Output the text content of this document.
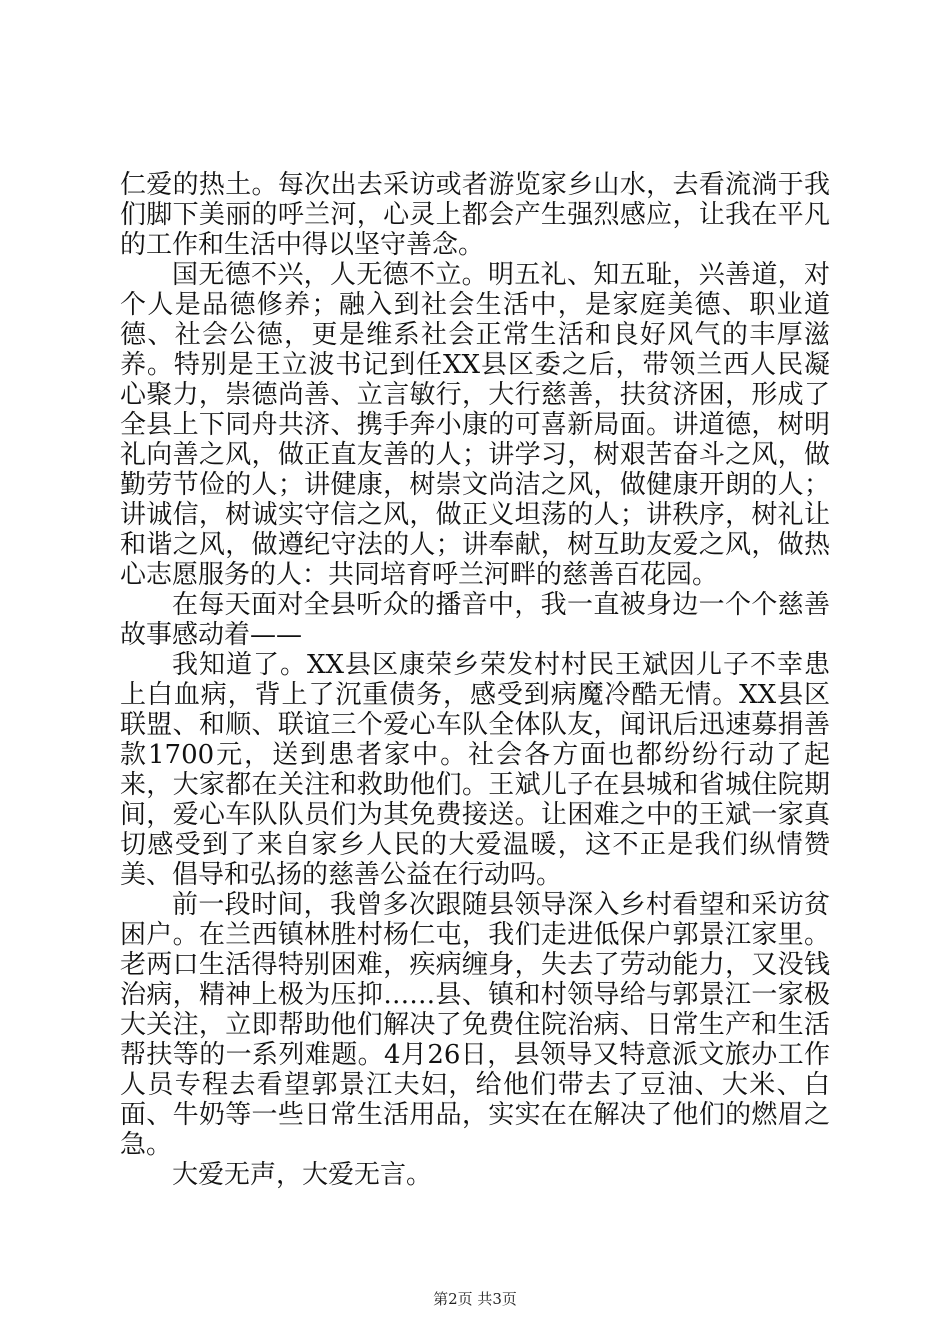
仁爱的热土。每次出去采访或者游览家乡山水，去看流淌于我们脚下美丽的呼兰河，心灵上都会产生强烈感应，让我在平凡的工作和生活中得以坚守善念。

国无德不兴，人无德不立。明五礼、知五耻，兴善道，对个人是品德修养；融入到社会生活中，是家庭美德、职业道德、社会公德，更是维系社会正常生活和良好风气的丰厚滋养。特别是王立波书记到任XX县区委之后，带领兰西人民凝心聚力，崇德尚善、立言敏行，大行慈善，扶贫济困，形成了全县上下同舟共济、携手奔小康的可喜新局面。讲道德，树明礼向善之风，做正直友善的人；讲学习，树艰苦奋斗之风，做勤劳节俭的人；讲健康，树崇文尚洁之风，做健康开朗的人；讲诚信，树诚实守信之风，做正义坦荡的人；讲秩序，树礼让和谐之风，做遵纪守法的人；讲奉献，树互助友爱之风，做热心志愿服务的人：共同培育呼兰河畔的慈善百花园。

在每天面对全县听众的播音中，我一直被身边一个个慈善故事感动着——

我知道了。XX县区康荣乡荣发村村民王斌因儿子不幸患上白血病，背上了沉重债务，感受到病魔冷酷无情。XX县区联盟、和顺、联谊三个爱心车队全体队友，闻讯后迅速募捐善款1700元，送到患者家中。社会各方面也都纷纷行动了起来，大家都在关注和救助他们。王斌儿子在县城和省城住院期间，爱心车队队员们为其免费接送。让困难之中的王斌一家真切感受到了来自家乡人民的大爱温暖，这不正是我们纵情赞美、倡导和弘扬的慈善公益在行动吗。

前一段时间，我曾多次跟随县领导深入乡村看望和采访贫困户。在兰西镇林胜村杨仁屯，我们走进低保户郭景江家里。老两口生活得特别困难，疾病缠身，失去了劳动能力，又没钱治病，精神上极为压抑……县、镇和村领导给与郭景江一家极大关注，立即帮助他们解决了免费住院治病、日常生产和生活帮扶等的一系列难题。4月26日，县领导又特意派文旅办工作人员专程去看望郭景江夫妇，给他们带去了豆油、大米、白面、牛奶等一些日常生活用品，实实在在解决了他们的燃眉之急。

大爱无声，大爱无言。

第2页 共3页
